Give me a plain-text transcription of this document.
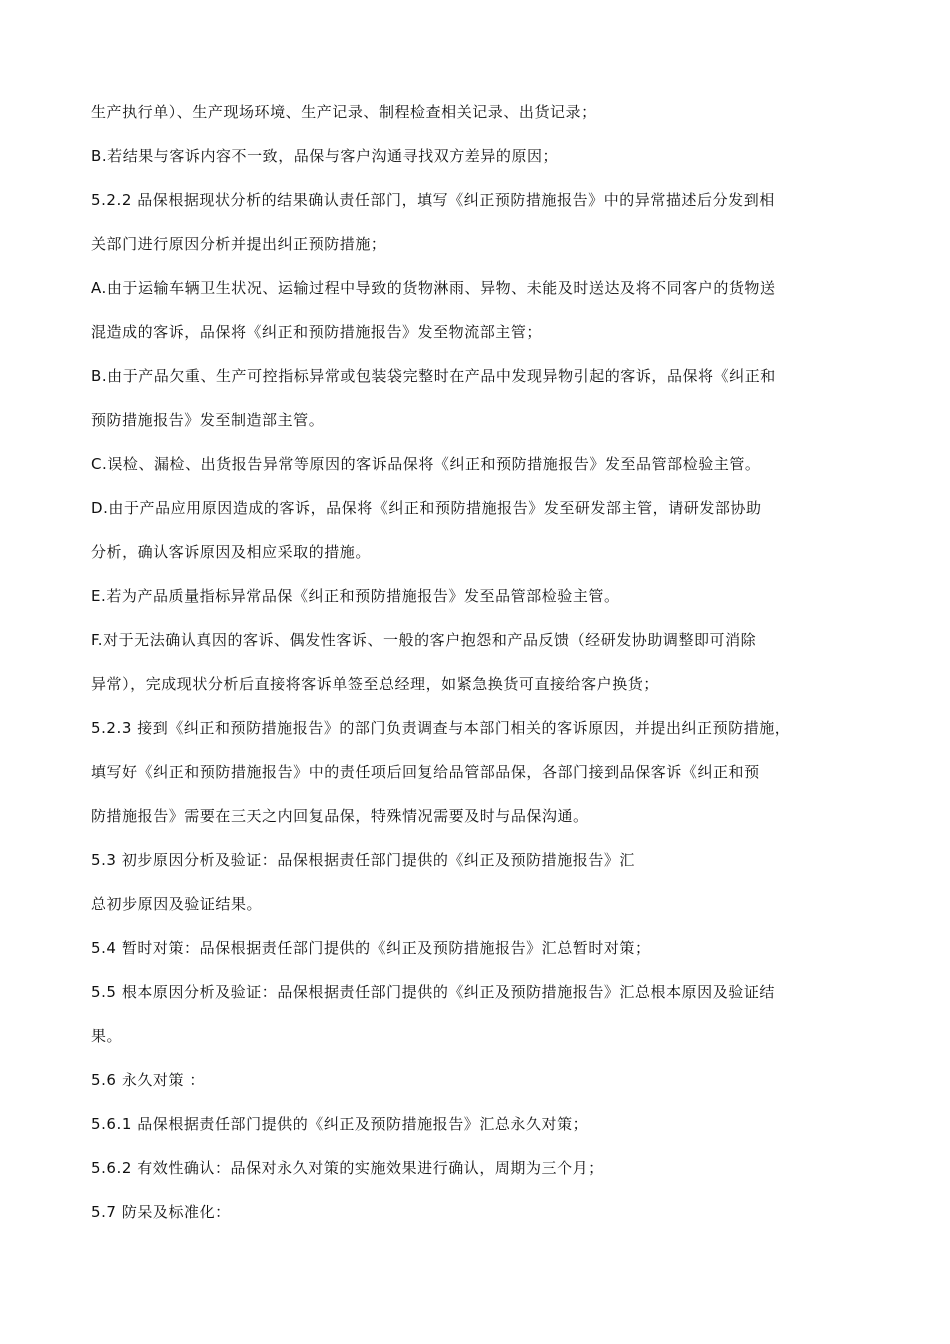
生产执行单）、生产现场环境、生产记录、制程检查相关记录、出货记录；
B.若结果与客诉内容不一致，品保与客户沟通寻找双方差异的原因；
5.2.2 品保根据现状分析的结果确认责任部门，填写《纠正预防措施报告》中的异常描述后分发到相
关部门进行原因分析并提出纠正预防措施；
A.由于运输车辆卫生状况、运输过程中导致的货物淋雨、异物、未能及时送达及将不同客户的货物送
混造成的客诉，品保将《纠正和预防措施报告》发至物流部主管；
B.由于产品欠重、生产可控指标异常或包装袋完整时在产品中发现异物引起的客诉，品保将《纠正和
预防措施报告》发至制造部主管。
C.误检、漏检、出货报告异常等原因的客诉品保将《纠正和预防措施报告》发至品管部检验主管。
D.由于产品应用原因造成的客诉，品保将《纠正和预防措施报告》发至研发部主管，请研发部协助
分析，确认客诉原因及相应采取的措施。
E.若为产品质量指标异常品保《纠正和预防措施报告》发至品管部检验主管。
F.对于无法确认真因的客诉、偶发性客诉、一般的客户抱怨和产品反馈（经研发协助调整即可消除
异常），完成现状分析后直接将客诉单签至总经理，如紧急换货可直接给客户换货；
5.2.3 接到《纠正和预防措施报告》的部门负责调查与本部门相关的客诉原因，并提出纠正预防措施，
填写好《纠正和预防措施报告》中的责任项后回复给品管部品保，各部门接到品保客诉《纠正和预
防措施报告》需要在三天之内回复品保，特殊情况需要及时与品保沟通。
5.3 初步原因分析及验证：品保根据责任部门提供的《纠正及预防措施报告》汇
总初步原因及验证结果。
5.4 暂时对策：品保根据责任部门提供的《纠正及预防措施报告》汇总暂时对策；
5.5 根本原因分析及验证：品保根据责任部门提供的《纠正及预防措施报告》汇总根本原因及验证结
果。
5.6 永久对策 ：
5.6.1 品保根据责任部门提供的《纠正及预防措施报告》汇总永久对策；
5.6.2 有效性确认：品保对永久对策的实施效果进行确认，周期为三个月；
5.7 防呆及标准化：
